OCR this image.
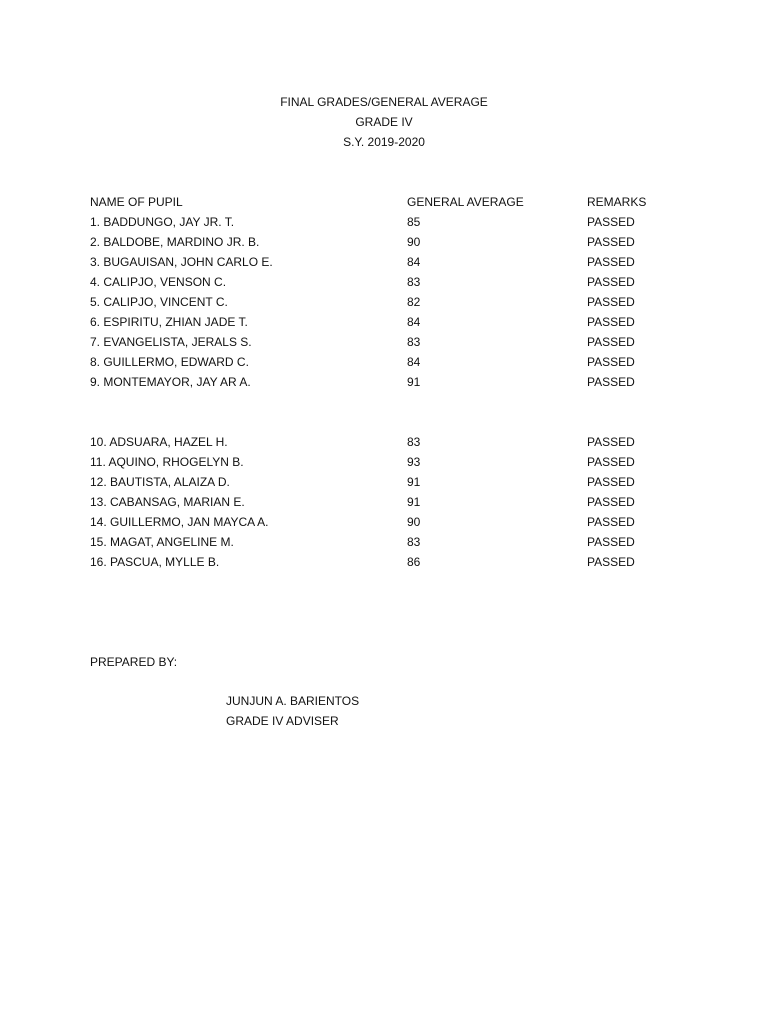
FINAL GRADES/GENERAL AVERAGE
GRADE IV
S.Y. 2019-2020
NAME OF PUPIL	GENERAL AVERAGE	REMARKS
1. BADDUNGO, JAY JR. T.	85	PASSED
2. BALDOBE, MARDINO JR. B.	90	PASSED
3. BUGAUISAN, JOHN CARLO E.	84	PASSED
4. CALIPJO, VENSON C.	83	PASSED
5. CALIPJO, VINCENT C.	82	PASSED
6. ESPIRITU, ZHIAN JADE T.	84	PASSED
7. EVANGELISTA, JERALS S.	83	PASSED
8. GUILLERMO, EDWARD C.	84	PASSED
9. MONTEMAYOR, JAY AR A.	91	PASSED
10. ADSUARA, HAZEL H.	83	PASSED
11. AQUINO, RHOGELYN B.	93	PASSED
12. BAUTISTA, ALAIZA D.	91	PASSED
13. CABANSAG, MARIAN E.	91	PASSED
14. GUILLERMO, JAN MAYCA A.	90	PASSED
15. MAGAT, ANGELINE M.	83	PASSED
16. PASCUA, MYLLE B.	86	PASSED
PREPARED BY:
JUNJUN A. BARIENTOS
GRADE IV ADVISER
